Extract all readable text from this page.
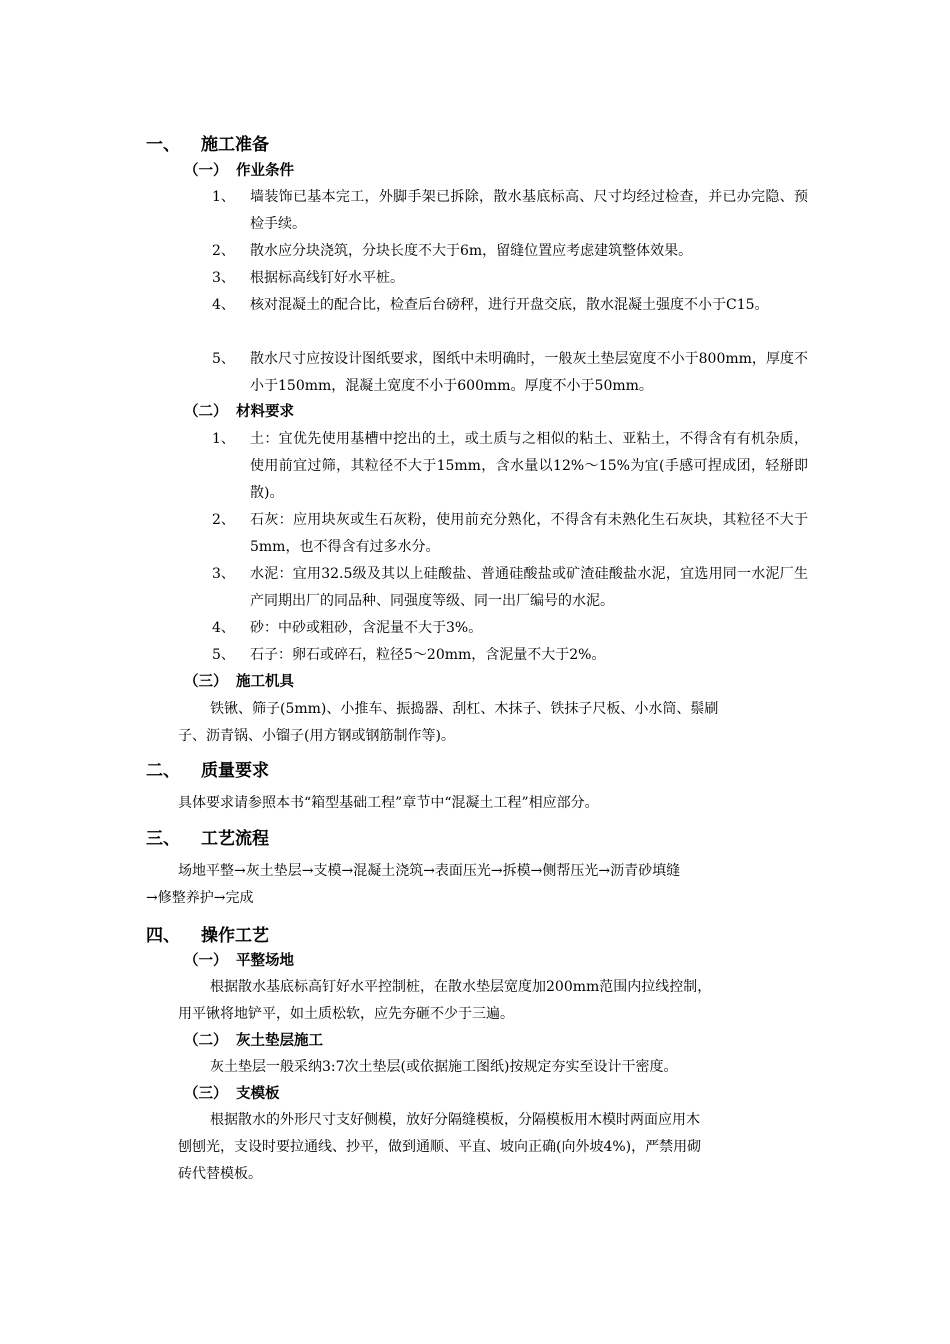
一、 施工准备
（一） 作业条件
1、 墙装饰已基本完工，外脚手架已拆除，散水基底标高、尺寸均经过检查，并已办完隐、预检手续。
2、 散水应分块浇筑，分块长度不大于6m，留缝位置应考虑建筑整体效果。
3、 根据标高线钉好水平桩。
4、 核对混凝土的配合比，检查后台磅秤，进行开盘交底，散水混凝土强度不小于C15。
5、 散水尺寸应按设计图纸要求，图纸中未明确时，一般灰土垫层宽度不小于800mm，厚度不小于150mm，混凝土宽度不小于600mm。厚度不小于50mm。
（二） 材料要求
1、 土：宜优先使用基槽中挖出的土，或土质与之相似的粘土、亚粘土，不得含有有机杂质，使用前宜过筛，其粒径不大于15mm，含水量以12%～15%为宜(手感可捏成团，轻掰即散)。
2、 石灰：应用块灰或生石灰粉，使用前充分熟化，不得含有未熟化生石灰块，其粒径不大于5mm，也不得含有过多水分。
3、 水泥：宜用32.5级及其以上硅酸盐、普通硅酸盐或矿渣硅酸盐水泥，宜选用同一水泥厂生产同期出厂的同品种、同强度等级、同一出厂编号的水泥。
4、 砂：中砂或粗砂，含泥量不大于3%。
5、 石子：卵石或碎石，粒径5～20mm，含泥量不大于2%。
（三） 施工机具
铁锹、筛子(5mm)、小推车、振捣器、刮杠、木抹子、铁抹子尺板、小水筒、鬃刷
子、沥青锅、小镏子(用方钢或钢筋制作等)。
二、 质量要求
具体要求请参照本书“箱型基础工程”章节中“混凝土工程”相应部分。
三、 工艺流程
场地平整→灰土垫层→支模→混凝土浇筑→表面压光→拆模→侧帮压光→沥青砂填缝
→修整养护→完成
四、 操作工艺
（一） 平整场地
根据散水基底标高钉好水平控制桩，在散水垫层宽度加200mm范围内拉线控制，
用平锹将地铲平，如土质松软，应先夯砸不少于三遍。
（二） 灰土垫层施工
灰土垫层一般采纳3:7次土垫层(或依据施工图纸)按规定夯实至设计干密度。
（三） 支模板
根据散水的外形尺寸支好侧模，放好分隔缝模板，分隔模板用木模时两面应用木
刨刨光，支设时要拉通线、抄平，做到通顺、平直、坡向正确(向外坡4%)，严禁用砌
砖代替模板。
